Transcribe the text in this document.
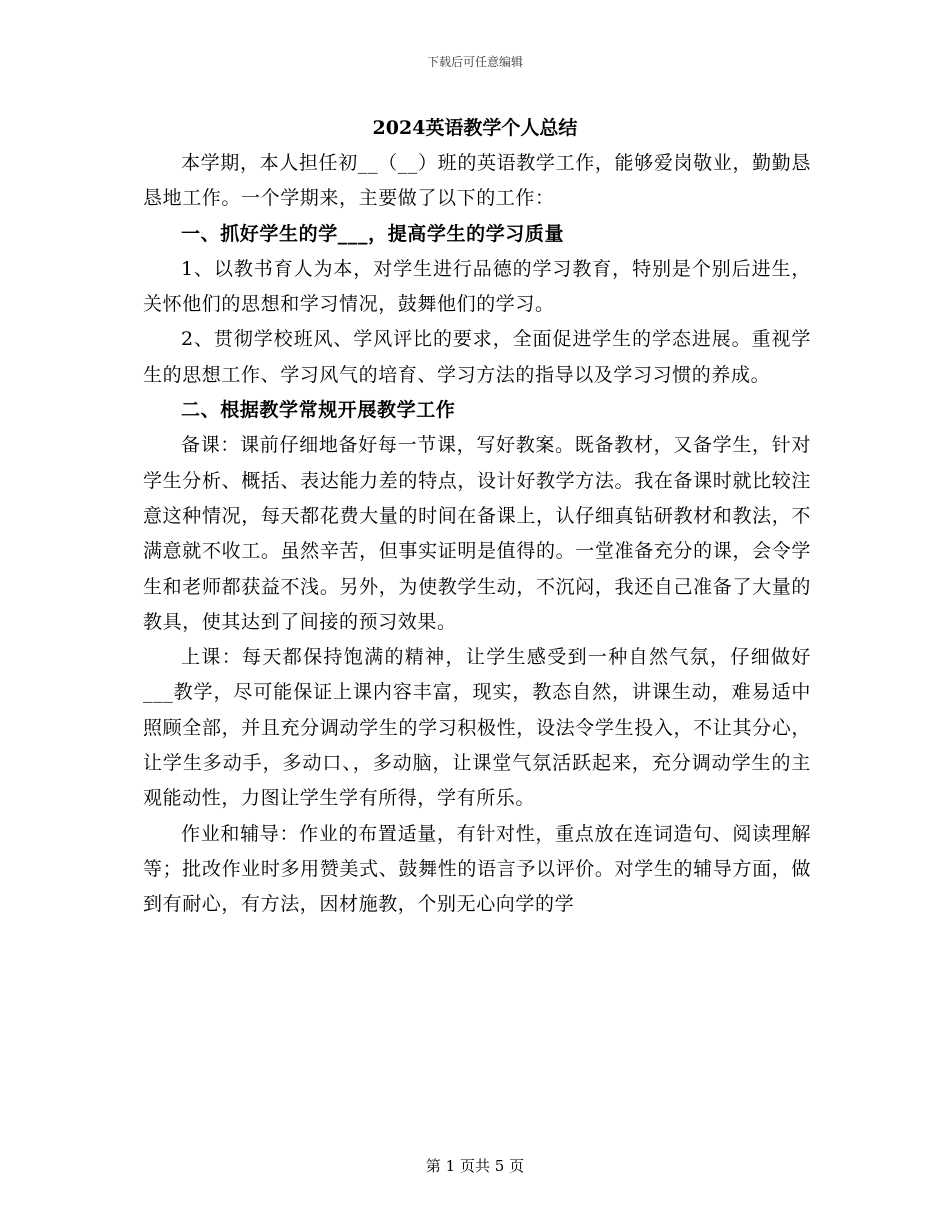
下载后可任意编辑
2024英语教学个人总结

本学期，本人担任初__（__）班的英语教学工作，能够爱岗敬业，勤勤恳恳地工作。一个学期来，主要做了以下的工作：

一、抓好学生的学___，提高学生的学习质量

1、以教书育人为本，对学生进行品德的学习教育，特别是个别后进生，关怀他们的思想和学习情况，鼓舞他们的学习。

2、贯彻学校班风、学风评比的要求，全面促进学生的学态进展。重视学生的思想工作、学习风气的培育、学习方法的指导以及学习习惯的养成。

二、根据教学常规开展教学工作

备课：课前仔细地备好每一节课，写好教案。既备教材，又备学生，针对学生分析、概括、表达能力差的特点，设计好教学方法。我在备课时就比较注意这种情况，每天都花费大量的时间在备课上，认仔细真钻研教材和教法，不满意就不收工。虽然辛苦，但事实证明是值得的。一堂准备充分的课，会令学生和老师都获益不浅。另外，为使教学生动，不沉闷，我还自己准备了大量的教具，使其达到了间接的预习效果。

上课：每天都保持饱满的精神，让学生感受到一种自然气氛，仔细做好___教学，尽可能保证上课内容丰富，现实，教态自然，讲课生动，难易适中照顾全部，并且充分调动学生的学习积极性，设法令学生投入，不让其分心，让学生多动手，多动口、，多动脑，让课堂气氛活跃起来，充分调动学生的主观能动性，力图让学生学有所得，学有所乐。

作业和辅导：作业的布置适量，有针对性，重点放在连词造句、阅读理解等；批改作业时多用赞美式、鼓舞性的语言予以评价。对学生的辅导方面，做到有耐心，有方法，因材施教，个别无心向学的学

第 1 页共 5 页
